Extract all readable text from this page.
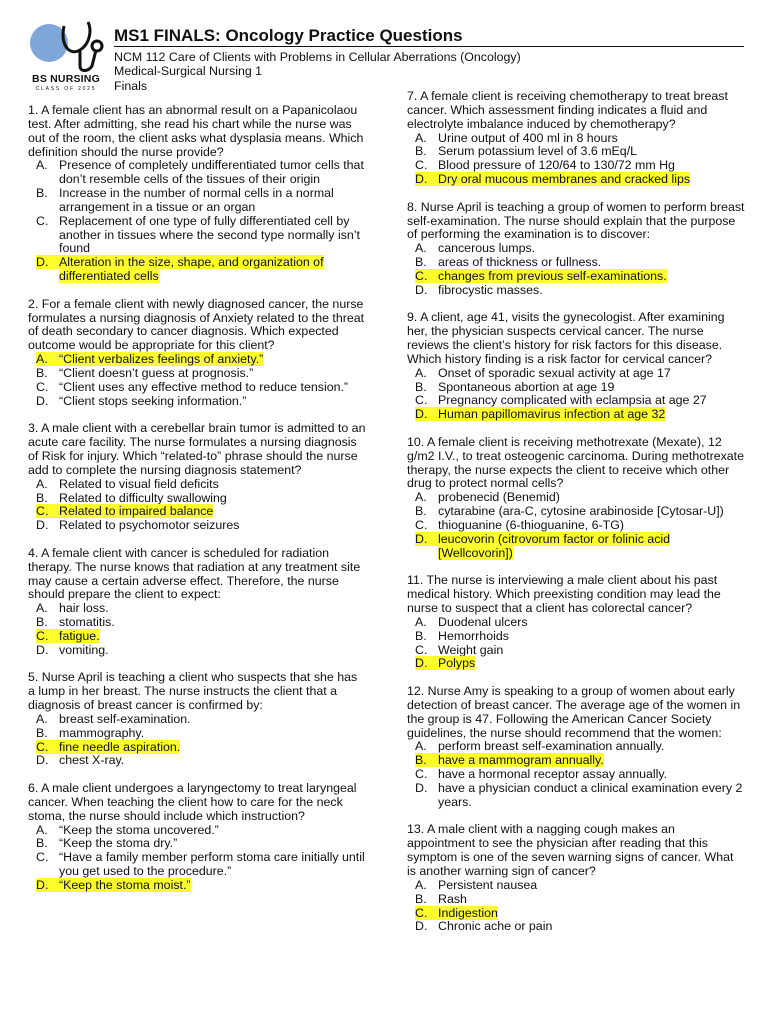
BS NURSING
CLASS OF 2025
MS1 FINALS: Oncology Practice Questions
NCM 112 Care of Clients with Problems in Cellular Aberrations (Oncology)
Medical-Surgical Nursing 1
Finals

1. A female client has an abnormal result on a Papanicolaou test. After admitting, she read his chart while the nurse was out of the room, the client asks what dysplasia means. Which definition should the nurse provide?

A. Presence of completely undifferentiated tumor cells that don’t resemble cells of the tissues of their origin
B. Increase in the number of normal cells in a normal arrangement in a tissue or an organ
C. Replacement of one type of fully differentiated cell by another in tissues where the second type normally isn’t found
D. Alteration in the size, shape, and organization of differentiated cells

2. For a female client with newly diagnosed cancer, the nurse formulates a nursing diagnosis of Anxiety related to the threat of death secondary to cancer diagnosis. Which expected outcome would be appropriate for this client?

A. “Client verbalizes feelings of anxiety.”
B. “Client doesn’t guess at prognosis.”
C. “Client uses any effective method to reduce tension.”
D. “Client stops seeking information.”

3. A male client with a cerebellar brain tumor is admitted to an acute care facility. The nurse formulates a nursing diagnosis of Risk for injury. Which “related-to” phrase should the nurse add to complete the nursing diagnosis statement?

A. Related to visual field deficits
B. Related to difficulty swallowing
C. Related to impaired balance
D. Related to psychomotor seizures

4. A female client with cancer is scheduled for radiation therapy. The nurse knows that radiation at any treatment site may cause a certain adverse effect. Therefore, the nurse should prepare the client to expect:

A. hair loss.
B. stomatitis.
C. fatigue.
D. vomiting.

5. Nurse April is teaching a client who suspects that she has a lump in her breast. The nurse instructs the client that a diagnosis of breast cancer is confirmed by:

A. breast self-examination.
B. mammography.
C. fine needle aspiration.
D. chest X-ray.

6. A male client undergoes a laryngectomy to treat laryngeal cancer. When teaching the client how to care for the neck stoma, the nurse should include which instruction?

A. “Keep the stoma uncovered.”
B. “Keep the stoma dry.”
C. “Have a family member perform stoma care initially until you get used to the procedure.”
D. “Keep the stoma moist.”

7. A female client is receiving chemotherapy to treat breast cancer. Which assessment finding indicates a fluid and electrolyte imbalance induced by chemotherapy?

A. Urine output of 400 ml in 8 hours
B. Serum potassium level of 3.6 mEq/L
C. Blood pressure of 120/64 to 130/72 mm Hg
D. Dry oral mucous membranes and cracked lips

8. Nurse April is teaching a group of women to perform breast self-examination. The nurse should explain that the purpose of performing the examination is to discover:

A. cancerous lumps.
B. areas of thickness or fullness.
C. changes from previous self-examinations.
D. fibrocystic masses.

9. A client, age 41, visits the gynecologist. After examining her, the physician suspects cervical cancer. The nurse reviews the client’s history for risk factors for this disease. Which history finding is a risk factor for cervical cancer?

A. Onset of sporadic sexual activity at age 17
B. Spontaneous abortion at age 19
C. Pregnancy complicated with eclampsia at age 27
D. Human papillomavirus infection at age 32

10. A female client is receiving methotrexate (Mexate), 12 g/m2 I.V., to treat osteogenic carcinoma. During methotrexate therapy, the nurse expects the client to receive which other drug to protect normal cells?

A. probenecid (Benemid)
B. cytarabine (ara-C, cytosine arabinoside [Cytosar-U])
C. thioguanine (6-thioguanine, 6-TG)
D. leucovorin (citrovorum factor or folinic acid [Wellcovorin])

11. The nurse is interviewing a male client about his past medical history. Which preexisting condition may lead the nurse to suspect that a client has colorectal cancer?

A. Duodenal ulcers
B. Hemorrhoids
C. Weight gain
D. Polyps

12. Nurse Amy is speaking to a group of women about early detection of breast cancer. The average age of the women in the group is 47. Following the American Cancer Society guidelines, the nurse should recommend that the women:

A. perform breast self-examination annually.
B. have a mammogram annually.
C. have a hormonal receptor assay annually.
D. have a physician conduct a clinical examination every 2 years.

13. A male client with a nagging cough makes an appointment to see the physician after reading that this symptom is one of the seven warning signs of cancer. What is another warning sign of cancer?

A. Persistent nausea
B. Rash
C. Indigestion
D. Chronic ache or pain
